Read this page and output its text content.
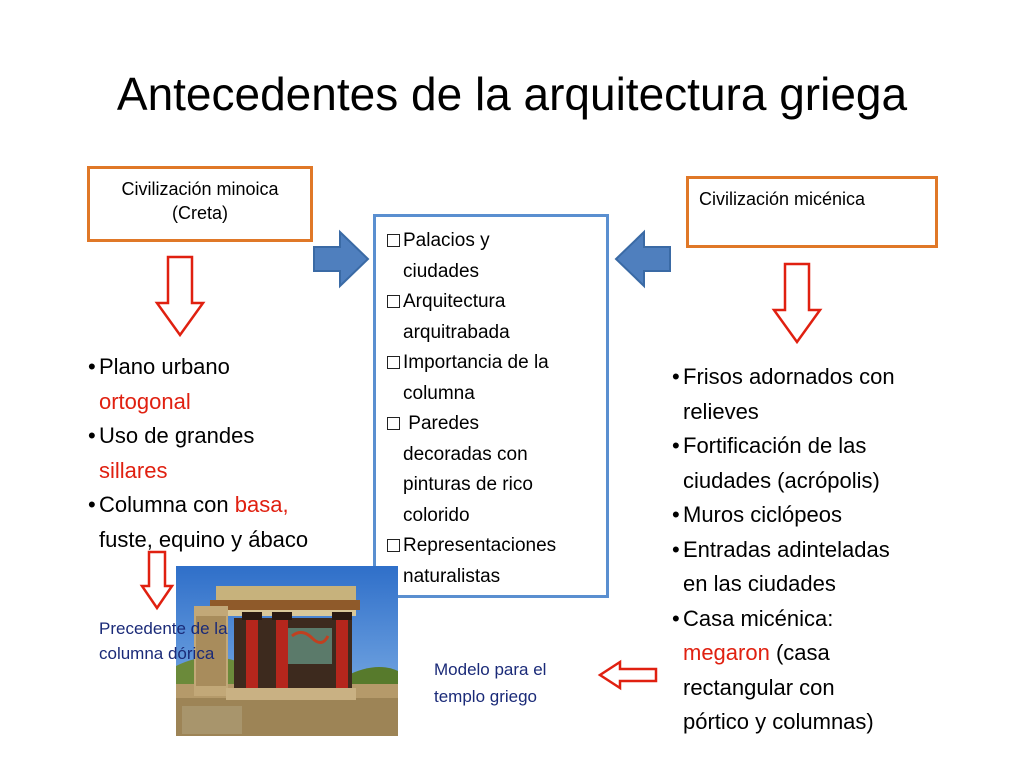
Antecedentes de la arquitectura griega
Civilización minoica
(Creta)
Civilización micénica
Palacios y
ciudades
Arquitectura
arquitrabada
Importancia de la
columna
Paredes
decoradas con
pinturas de rico
colorido
Representaciones
naturalistas
• Plano urbano
ortogonal
• Uso de grandes
sillares
• Columna con basa,
fuste, equino y ábaco
Precedente de la
columna dórica
Modelo para el
templo griego
• Frisos adornados con
relieves
• Fortificación de las
ciudades (acrópolis)
• Muros ciclópeos
• Entradas adinteladas
en las ciudades
• Casa micénica:
megaron (casa
rectangular con
pórtico y columnas)
